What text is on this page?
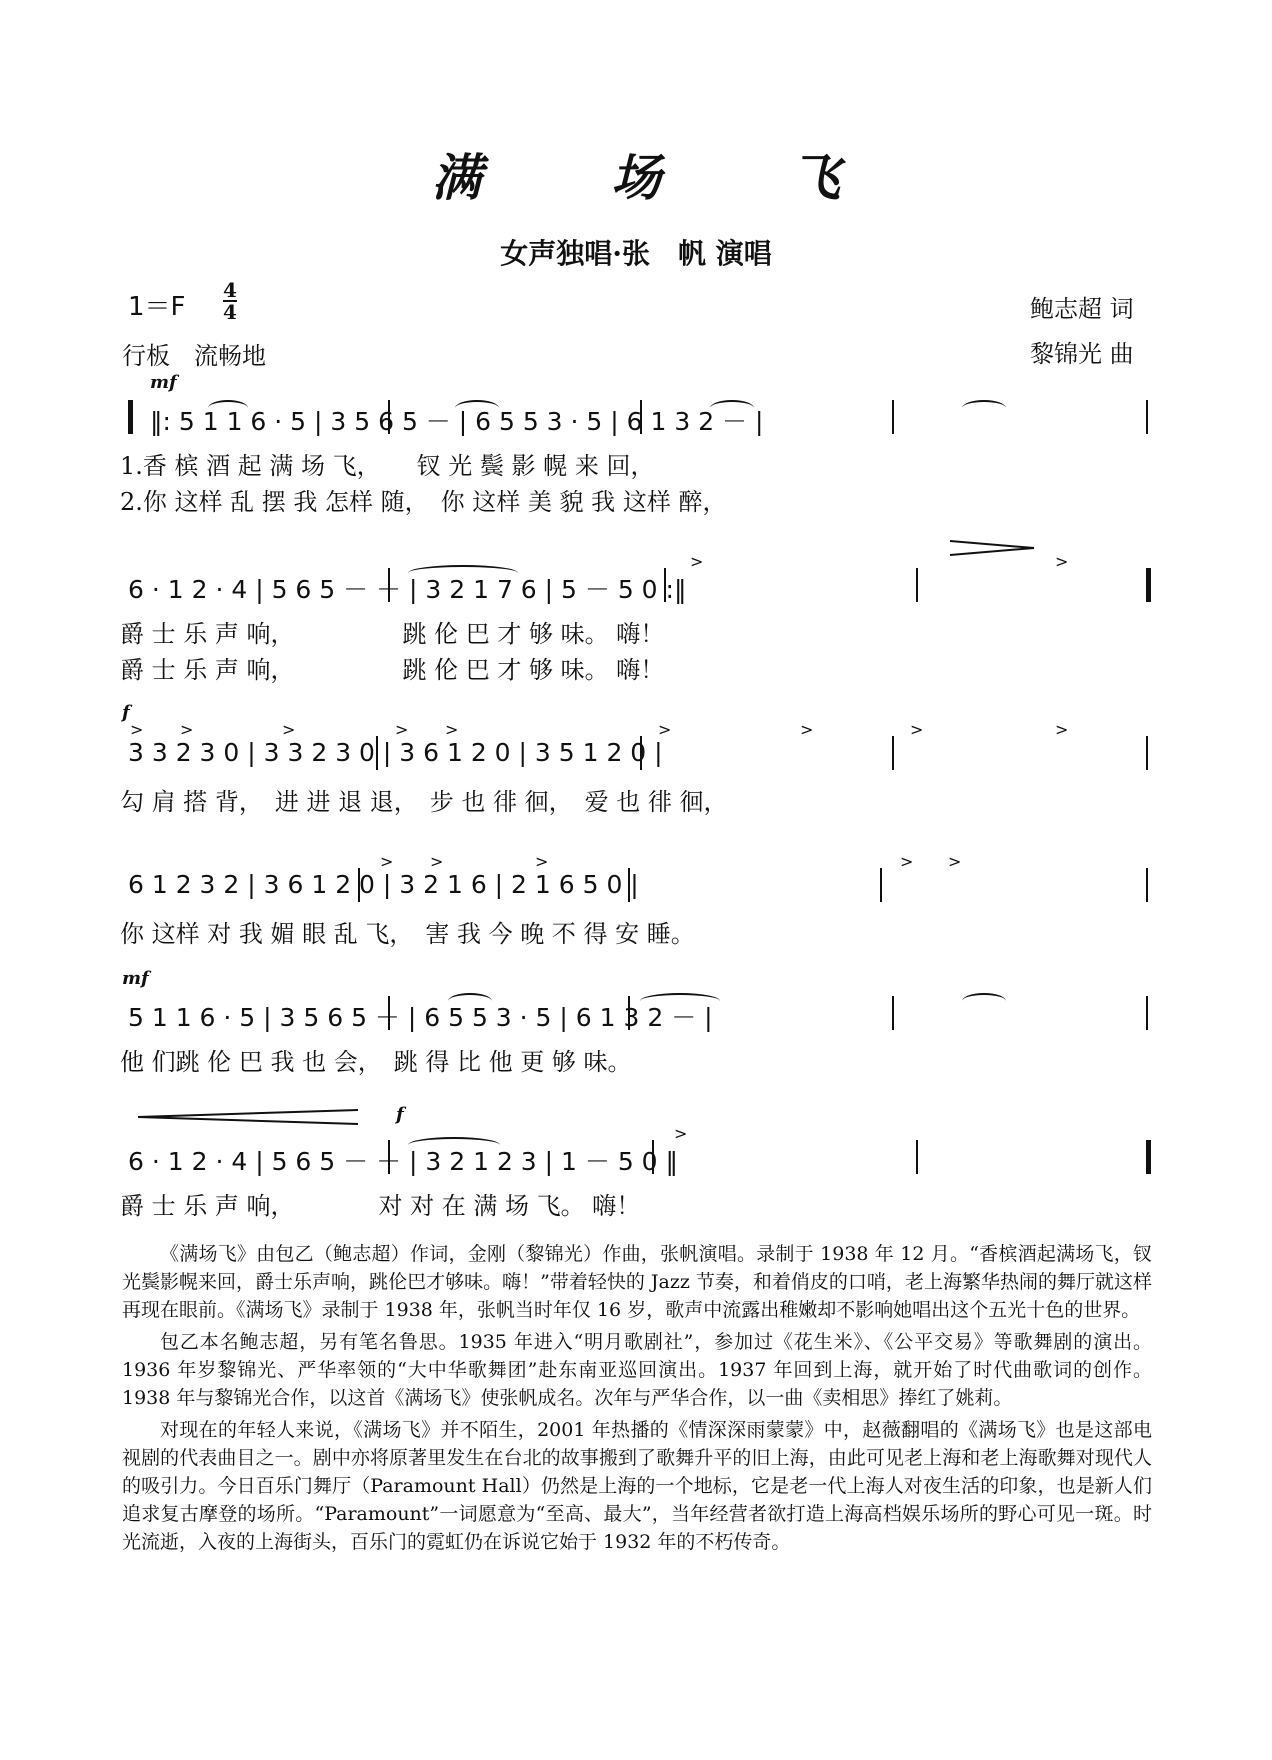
满 场 飞
女声独唱·张　帆 演唱
1＝F
4
4
行板　流畅地
鲍志超 词
黎锦光 曲
mf
‖: 5 1 1 6 · 5 | 3 5 6 5 － | 6 5 5 3 · 5 | 6 1 3 2 － |
1.香 槟 酒 起 满 场 飞，　　钗 光 鬓 影 幌 来 回，
2.你 这样 乱 摆 我 怎样 随，　你 这样 美 貌 我 这样 醉，
>	>
6 · 1 2 · 4 | 5 6 5 － － | 3 2 1 7 6 | 5 － 5 0 :‖
爵 士 乐 声 响，　　　　　跳 伦 巴 才 够 味。 嗨！
爵 士 乐 声 响，　　　　　跳 伦 巴 才 够 味。 嗨！
f
> >	>	> >	>	>	>	>
3 3 2 3 0 | 3 3 2 3 0 | 3 6 1 2 0 | 3 5 1 2 0 |
勾 肩 搭 背，　进 进 退 退，　步 也 徘 徊，　爱 也 徘 徊，
> >	>	> >
6 1 2 3 2 | 3 6 1 2 0 | 3 2 1 6 | 2 1 6 5 0 |
你 这样 对 我 媚 眼 乱 飞，　害 我 今 晚 不 得 安 睡。
mf
5 1 1 6 · 5 | 3 5 6 5 － | 6 5 5 3 · 5 | 6 1 3 2 － |
他 们跳 伦 巴 我 也 会，　跳 得 比 他 更 够 味。
f
>
6 · 1 2 · 4 | 5 6 5 － － | 3 2 1 2 3 | 1 － 5 0 ‖
爵 士 乐 声 响，　　　　对 对 在 满 场 飞。 嗨！

《满场飞》由包乙（鲍志超）作词，金刚（黎锦光）作曲，张帆演唱。录制于 1938 年 12 月。“香槟酒起满场飞，钗光鬓影幌来回，爵士乐声响，跳伦巴才够味。嗨！”带着轻快的 Jazz 节奏，和着俏皮的口哨，老上海繁华热闹的舞厅就这样再现在眼前。《满场飞》录制于 1938 年，张帆当时年仅 16 岁，歌声中流露出稚嫩却不影响她唱出这个五光十色的世界。

包乙本名鲍志超，另有笔名鲁思。1935 年进入“明月歌剧社”，参加过《花生米》、《公平交易》等歌舞剧的演出。1936 年岁黎锦光、严华率领的“大中华歌舞团”赴东南亚巡回演出。1937 年回到上海，就开始了时代曲歌词的创作。1938 年与黎锦光合作，以这首《满场飞》使张帆成名。次年与严华合作，以一曲《卖相思》捧红了姚莉。

对现在的年轻人来说，《满场飞》并不陌生，2001 年热播的《情深深雨蒙蒙》中，赵薇翻唱的《满场飞》也是这部电视剧的代表曲目之一。剧中亦将原著里发生在台北的故事搬到了歌舞升平的旧上海，由此可见老上海和老上海歌舞对现代人的吸引力。今日百乐门舞厅（Paramount Hall）仍然是上海的一个地标，它是老一代上海人对夜生活的印象，也是新人们追求复古摩登的场所。“Paramount”一词愿意为“至高、最大”，当年经营者欲打造上海高档娱乐场所的野心可见一斑。时光流逝，入夜的上海街头，百乐门的霓虹仍在诉说它始于 1932 年的不朽传奇。
